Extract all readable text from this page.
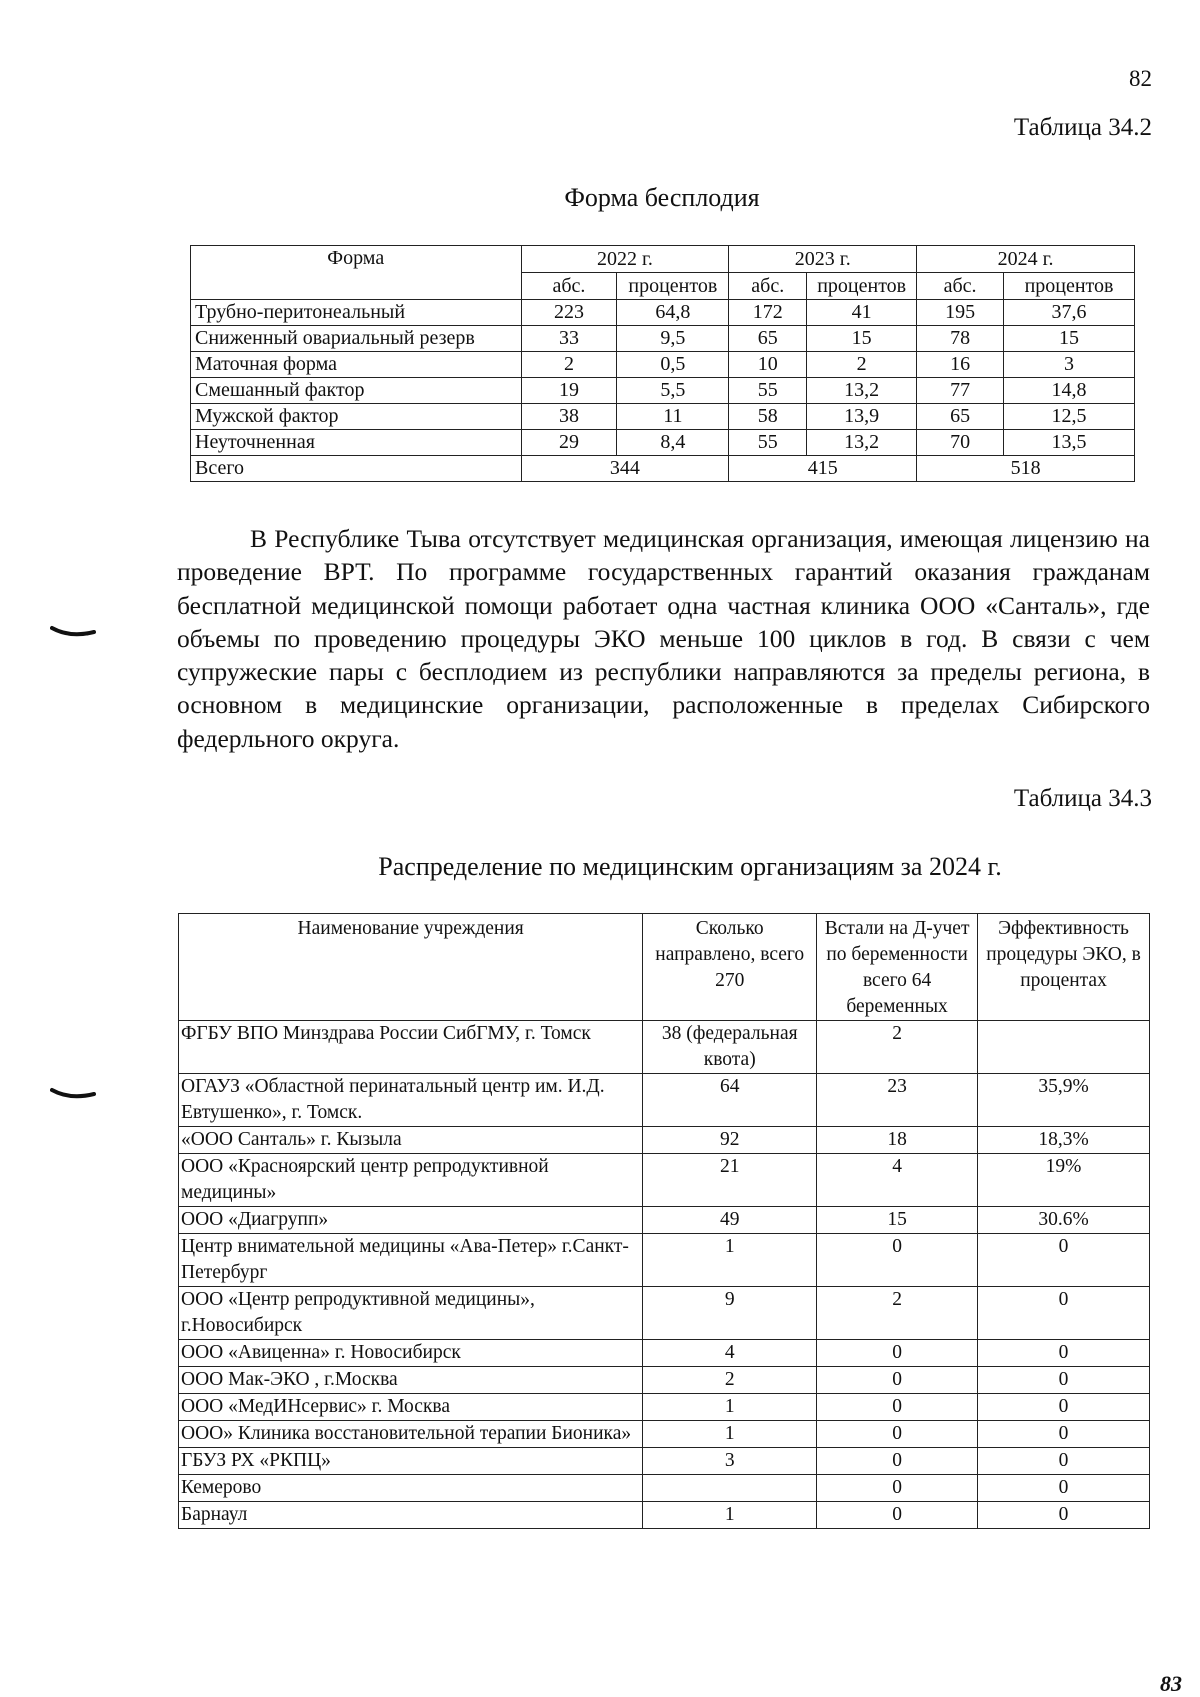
82
Таблица 34.2
Форма бесплодия
Форма	2022 г.		2023 г.		2024 г.	
	абс.	процентов	абс.	процентов	абс.	процентов
Трубно-перитонеальный	223	64,8	172	41	195	37,6
Сниженный овариальный резерв	33	9,5	65	15	78	15
Маточная форма	2	0,5	10	2	16	3
Смешанный фактор	19	5,5	55	13,2	77	14,8
Мужской фактор	38	11	58	13,9	65	12,5
Неуточненная	29	8,4	55	13,2	70	13,5
Всего	344		415		518	

В Республике Тыва отсутствует медицинская организация, имеющая лицензию на проведение ВРТ. По программе государственных гарантий оказания гражданам бесплатной медицинской помощи работает одна частная клиника ООО «Санталь», где объемы по проведению процедуры ЭКО меньше 100 циклов в год. В связи с чем супружеские пары с бесплодием из республики направляются за пределы региона, в основном в медицинские организации, расположенные в пределах Сибирского федерльного округа.

Таблица 34.3
Распределение по медицинским организациям за 2024 г.
Наименование учреждения	Сколько направлено, всего 270	Встали на Д-учет по беременности всего 64 беременных	Эффективность процедуры ЭКО, в процентах
ФГБУ ВПО Минздрава России СибГМУ, г. Томск	38 (федеральная квота)	2	
ОГАУЗ «Областной перинатальный центр им. И.Д. Евтушенко», г. Томск.	64	23	35,9%
«ООО Санталь» г. Кызыла	92	18	18,3%
ООО «Красноярский центр репродуктивной медицины»	21	4	19%
ООО «Диагрупп»	49	15	30.6%
Центр внимательной медицины «Ава-Петер» г.Санкт-Петербург	1	0	0
ООО «Центр репродуктивной медицины», г.Новосибирск	9	2	0
ООО «Авиценна» г. Новосибирск	4	0	0
ООО Мак-ЭКО , г.Москва	2	0	0
ООО «МедИНсервис» г. Москва	1	0	0
ООО» Клиника восстановительной терапии Бионика»	1	0	0
ГБУЗ РХ «РКПЦ»	3	0	0
Кемерово		0	0
Барнаул	1	0	0
83
